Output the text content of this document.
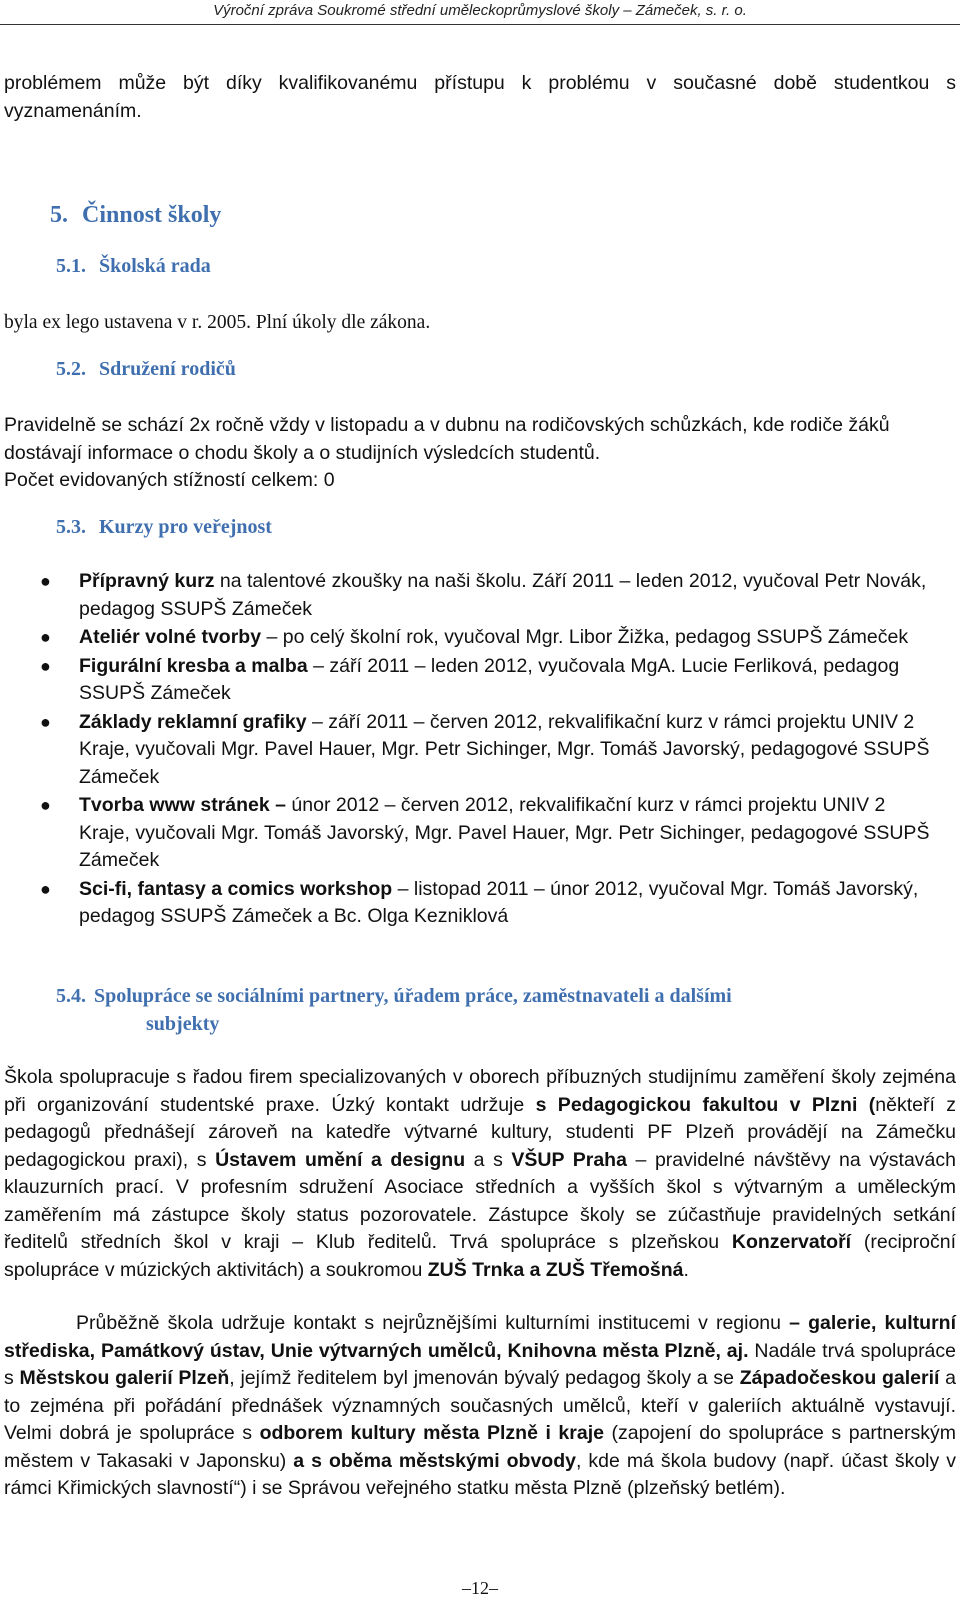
Výroční zpráva Soukromé střední uměleckoprůmyslové školy – Zámeček, s. r. o.

problémem může být díky kvalifikovanému přístupu k problému v současné době studentkou s vyznamenáním.

5. Činnost školy
5.1. Školská rada

byla ex lego ustavena v r. 2005. Plní úkoly dle zákona.

5.2. Sdružení rodičů

Pravidelně se schází 2x ročně vždy v listopadu a v dubnu na rodičovských schůzkách, kde rodiče žáků dostávají informace o chodu školy a o studijních výsledcích studentů.

Počet evidovaných stížností celkem: 0

5.3. Kurzy pro veřejnost
● Přípravný kurz na talentové zkoušky na naši školu. Září 2011 – leden 2012, vyučoval Petr Novák, pedagog SSUPŠ Zámeček
● Ateliér volné tvorby – po celý školní rok, vyučoval Mgr. Libor Žižka, pedagog SSUPŠ Zámeček
● Figurální kresba a malba – září 2011 – leden 2012, vyučovala MgA. Lucie Ferliková, pedagog SSUPŠ Zámeček
● Základy reklamní grafiky – září 2011 – červen 2012, rekvalifikační kurz v rámci projektu UNIV 2 Kraje, vyučovali Mgr. Pavel Hauer, Mgr. Petr Sichinger, Mgr. Tomáš Javorský, pedagogové SSUPŠ Zámeček
● Tvorba www stránek – únor 2012 – červen 2012, rekvalifikační kurz v rámci projektu UNIV 2 Kraje, vyučovali Mgr. Tomáš Javorský, Mgr. Pavel Hauer, Mgr. Petr Sichinger, pedagogové SSUPŠ Zámeček
● Sci-fi, fantasy a comics workshop – listopad 2011 – únor 2012, vyučoval Mgr. Tomáš Javorský, pedagog SSUPŠ Zámeček a Bc. Olga Kezniklová
5.4. Spolupráce se sociálními partnery, úřadem práce, zaměstnavateli a dalšími
subjekty

Škola spolupracuje s řadou firem specializovaných v oborech příbuzných studijnímu zaměření školy zejména při organizování studentské praxe. Úzký kontakt udržuje s Pedagogickou fakultou v Plzni (někteří z pedagogů přednášejí zároveň na katedře výtvarné kultury, studenti PF Plzeň provádějí na Zámečku pedagogickou praxi), s Ústavem umění a designu a s VŠUP Praha – pravidelné návštěvy na výstavách klauzurních prací. V profesním sdružení Asociace středních a vyšších škol s výtvarným a uměleckým zaměřením má zástupce školy status pozorovatele. Zástupce školy se zúčastňuje pravidelných setkání ředitelů středních škol v kraji – Klub ředitelů. Trvá spolupráce s plzeňskou Konzervatoří (reciproční spolupráce v múzických aktivitách) a soukromou ZUŠ Trnka a ZUŠ Třemošná.

Průběžně škola udržuje kontakt s nejrůznějšími kulturními institucemi v regionu – galerie, kulturní střediska, Památkový ústav, Unie výtvarných umělců, Knihovna města Plzně, aj. Nadále trvá spolupráce s Městskou galerií Plzeň, jejímž ředitelem byl jmenován bývalý pedagog školy a se Západočeskou galerií a to zejména při pořádání přednášek významných současných umělců, kteří v galeriích aktuálně vystavují. Velmi dobrá je spolupráce s odborem kultury města Plzně i kraje (zapojení do spolupráce s partnerským městem v Takasaki v Japonsku) a s oběma městskými obvody, kde má škola budovy (např. účast školy v rámci Křimických slavností“) i se Správou veřejného statku města Plzně (plzeňský betlém).

–12–
